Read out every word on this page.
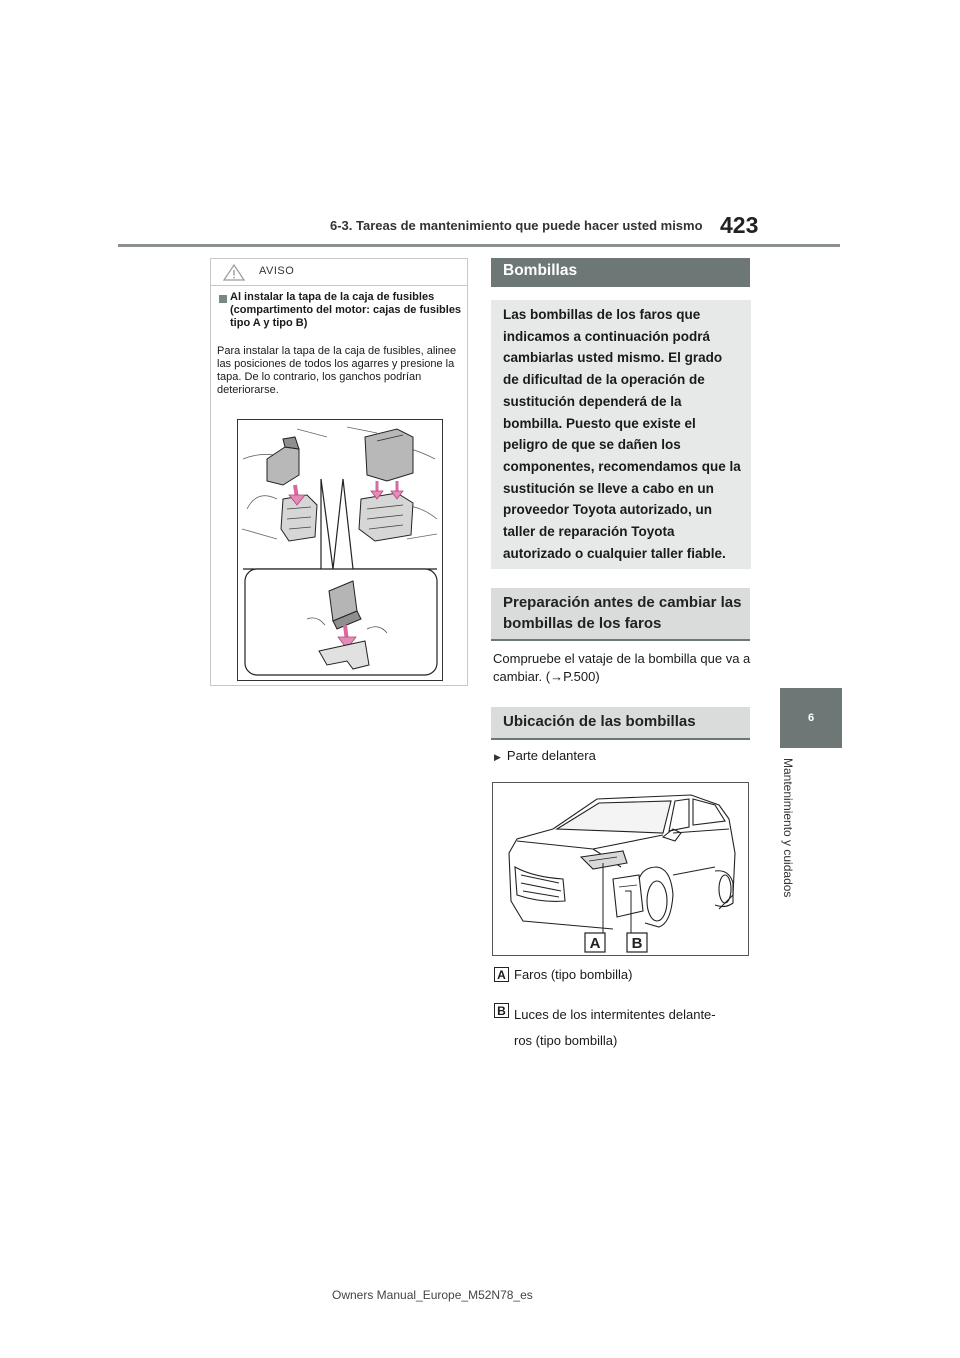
6-3. Tareas de mantenimiento que puede hacer usted mismo 423
6
Mantenimiento y cuidados
AVISO
Al instalar la tapa de la caja de fusibles (compartimento del motor: cajas de fusibles tipo A y tipo B)
Para instalar la tapa de la caja de fusibles, alinee las posiciones de todos los agarres y presione la tapa. De lo contrario, los ganchos podrían deteriorarse.
Bombillas
Las bombillas de los faros que indicamos a continuación podrá cambiarlas usted mismo. El grado de dificultad de la operación de sustitución dependerá de la bombilla. Puesto que existe el peligro de que se dañen los componentes, recomendamos que la sustitución se lleve a cabo en un proveedor Toyota autorizado, un taller de reparación Toyota autorizado o cualquier taller fiable.
Preparación antes de cambiar las bombillas de los faros
Compruebe el vataje de la bombilla que va a cambiar. (→P.500)
Ubicación de las bombillas
▶ Parte delantera
A B
A Faros (tipo bombilla)
B Luces de los intermitentes delante-
ros (tipo bombilla)
Owners Manual_Europe_M52N78_es
